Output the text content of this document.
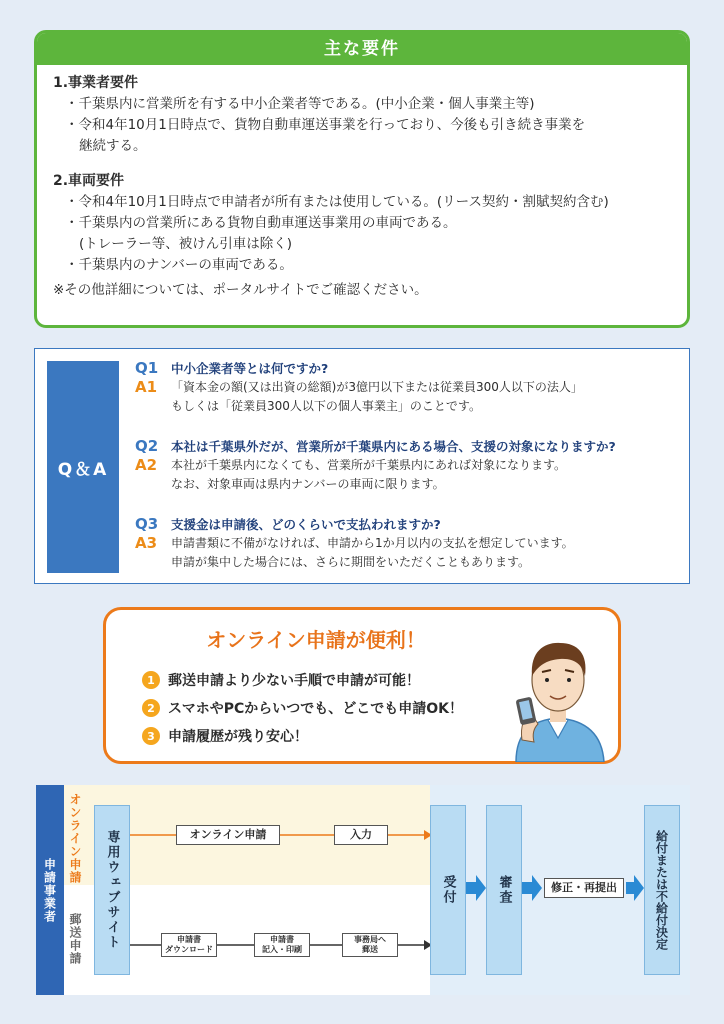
主な要件
1.事業者要件
・千葉県内に営業所を有する中小企業者等である。(中小企業・個人事業主等)
・令和4年10月1日時点で、貨物自動車運送事業を行っており、今後も引き続き事業を
継続する。
2.車両要件
・令和4年10月1日時点で申請者が所有または使用している。(リース契約・割賦契約含む)
・千葉県内の営業所にある貨物自動車運送事業用の車両である。
(トレーラー等、被けん引車は除く)
・千葉県内のナンバーの車両である。
※その他詳細については、ポータルサイトでご確認ください。
Q＆A
Q1	中小企業者等とは何ですか?
A1	「資本金の額(又は出資の総額)が3億円以下または従業員300人以下の法人」
もしくは「従業員300人以下の個人事業主」のことです。
Q2	本社は千葉県外だが、営業所が千葉県内にある場合、支援の対象になりますか?
A2	本社が千葉県内になくても、営業所が千葉県内にあれば対象になります。
なお、対象車両は県内ナンバーの車両に限ります。
Q3	支援金は申請後、どのくらいで支払われますか?
A3	申請書類に不備がなければ、申請から1か月以内の支払を想定しています。
申請が集中した場合には、さらに期間をいただくこともあります。
オンライン申請が便利！
1 郵送申請より少ない手順で申請が可能！
2 スマホやPCからいつでも、どこでも申請OK！
3 申請履歴が残り安心！
申請事業者
オンライン申請
郵送申請	専用ウェブサイト	オンライン申請	入力
申請書
ダウンロード
申請書
記入・印刷
事務局へ
郵送
受付	審査	修正・再提出	給付または不給付決定
